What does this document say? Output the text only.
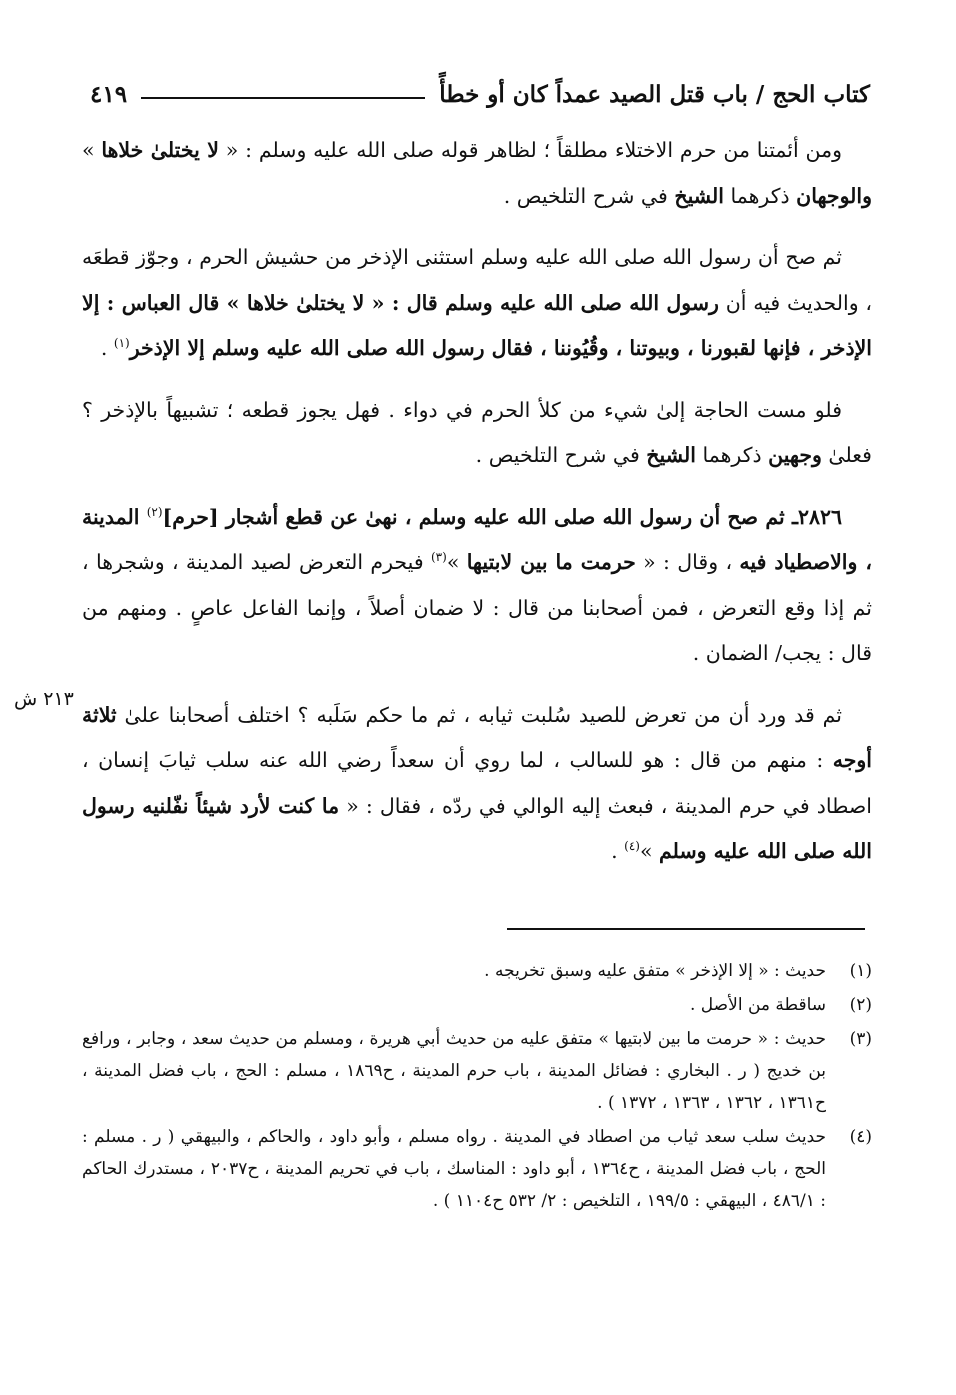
كتاب الحج / باب قتل الصيد عمداً كان أو خطأً
٤١٩
٢١٣ ش

ومن أئمتنا من حرم الاختلاء مطلقاً ؛ لظاهر قوله صلى الله عليه وسلم : « لا يختلىٰ خلاها » والوجهان ذكرهما الشيخ في شرح التلخيص .

ثم صح أن رسول الله صلى الله عليه وسلم استثنى الإذخر من حشيش الحرم ، وجوّز قطعَه ، والحديث فيه أن رسول الله صلى الله عليه وسلم قال : « لا يختلىٰ خلاها » قال العباس : إلا الإذخر ، فإنها لقبورنا ، وبيوتنا ، وقُيُوننا ، فقال رسول الله صلى الله عليه وسلم إلا الإذخر$^{(١)}$ .

فلو مست الحاجة إلىٰ شيء من كلأ الحرم في دواء . فهل يجوز قطعه ؛ تشبيهاً بالإذخر ؟ فعلىٰ وجهين ذكرهما الشيخ في شرح التلخيص .

٢٨٢٦ـ ثم صح أن رسول الله صلى الله عليه وسلم ، نهىٰ عن قطع أشجار [حرم]$^{(٢)}$ المدينة ، والاصطياد فيه ، وقال : « حرمت ما بين لابتيها »$^{(٣)}$ فيحرم التعرض لصيد المدينة ، وشجرها ، ثم إذا وقع التعرض ، فمن أصحابنا من قال : لا ضمان أصلاً ، وإنما الفاعل عاصٍ . ومنهم من قال : يجب/ الضمان .

ثم قد ورد أن من تعرض للصيد سُلبت ثيابه ، ثم ما حكم سَلَبه ؟ اختلف أصحابنا علىٰ ثلاثة أوجه : منهم من قال : هو للسالب ، لما روي أن سعداً رضي الله عنه سلب ثيابَ إنسان ، اصطاد في حرم المدينة ، فبعث إليه الوالي في ردّه ، فقال : « ما كنت لأرد شيئاً نفّلنيه رسول الله صلى الله عليه وسلم »$^{(٤)}$ .

(١)
حديث : « إلا الإذخر » متفق عليه وسبق تخريجه .
(٢)
ساقطة من الأصل .
(٣)
حديث : « حرمت ما بين لابتيها » متفق عليه من حديث أبي هريرة ، ومسلم من حديث سعد ، وجابر ، ورافع بن خديج ( ر . البخاري : فضائل المدينة ، باب حرم المدينة ، ح١٨٦٩ ، مسلم : الحج ، باب فضل المدينة ، ح١٣٦١ ، ١٣٦٢ ، ١٣٦٣ ، ١٣٧٢ ) .
(٤)
حديث سلب سعد ثياب من اصطاد في المدينة . رواه مسلم ، وأبو داود ، والحاكم ، والبيهقي ( ر . مسلم : الحج ، باب فضل المدينة ، ح١٣٦٤ ، أبو داود : المناسك ، باب في تحريم المدينة ، ح٢٠٣٧ ، مستدرك الحاكم : ٤٨٦/١ ، البيهقي : ١٩٩/٥ ، التلخيص : ٢/ ٥٣٢ ح١١٠٤ ) .
